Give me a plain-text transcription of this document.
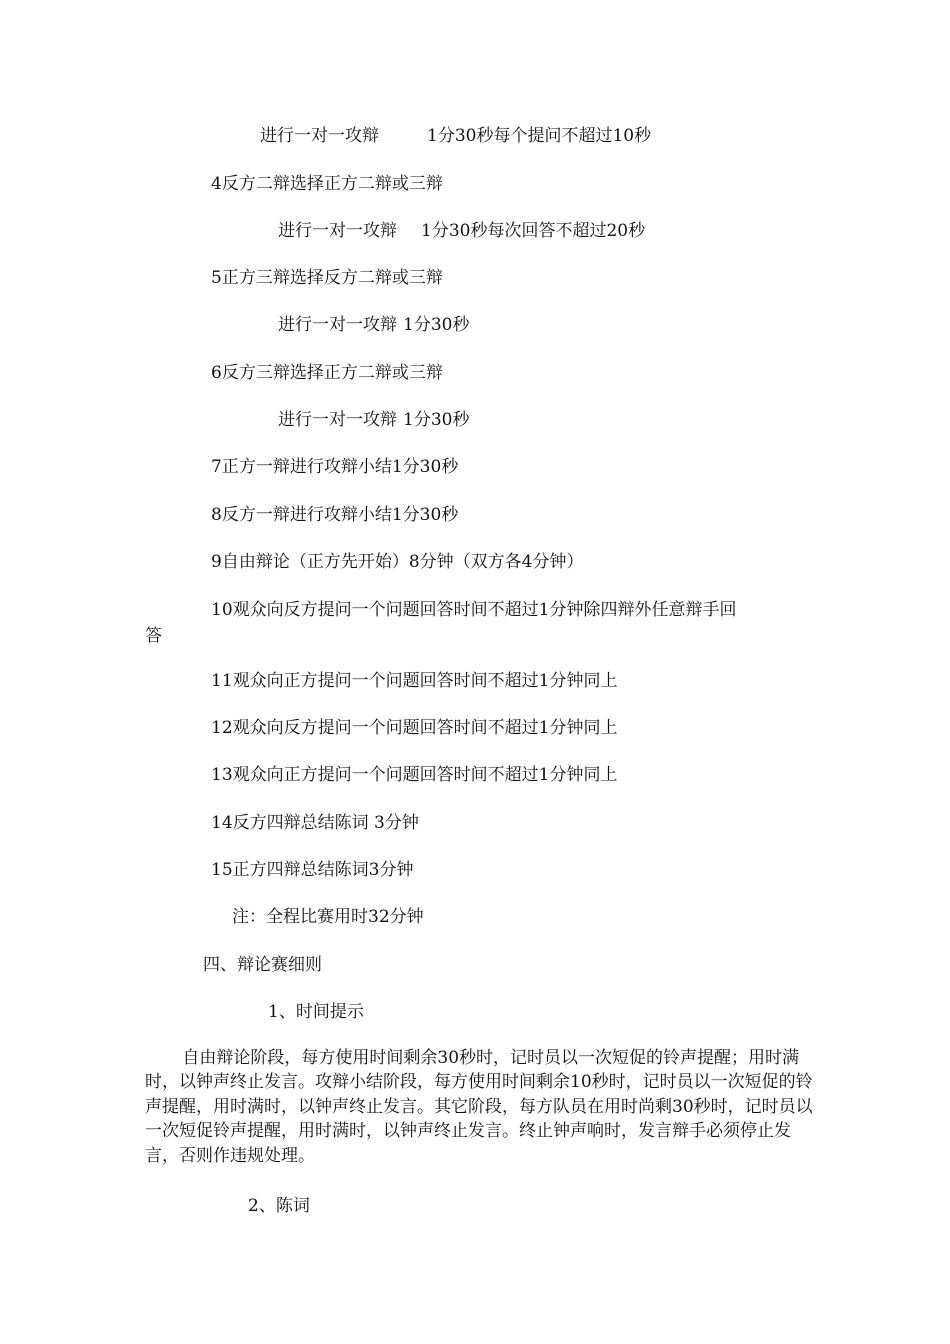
进行一对一攻辩	1分30秒每个提问不超过10秒
4反方二辩选择正方二辩或三辩
进行一对一攻辩 1分30秒每次回答不超过20秒
5正方三辩选择反方二辩或三辩
进行一对一攻辩 1分30秒
6反方三辩选择正方二辩或三辩
进行一对一攻辩 1分30秒
7正方一辩进行攻辩小结1分30秒
8反方一辩进行攻辩小结1分30秒
9自由辩论（正方先开始）8分钟（双方各4分钟）
10观众向反方提问一个问题回答时间不超过1分钟除四辩外任意辩手回
答
11观众向正方提问一个问题回答时间不超过1分钟同上
12观众向反方提问一个问题回答时间不超过1分钟同上
13观众向正方提问一个问题回答时间不超过1分钟同上
14反方四辩总结陈词 3分钟
15正方四辩总结陈词3分钟
注：全程比赛用时32分钟
四、辩论赛细则
1、时间提示
自由辩论阶段，每方使用时间剩余30秒时，记时员以一次短促的铃声提醒；用时满时，以钟声终止发言。攻辩小结阶段，每方使用时间剩余10秒时，记时员以一次短促的铃声提醒，用时满时，以钟声终止发言。其它阶段，每方队员在用时尚剩30秒时，记时员以一次短促铃声提醒，用时满时，以钟声终止发言。终止钟声响时，发言辩手必须停止发言，否则作违规处理。
2、陈词
